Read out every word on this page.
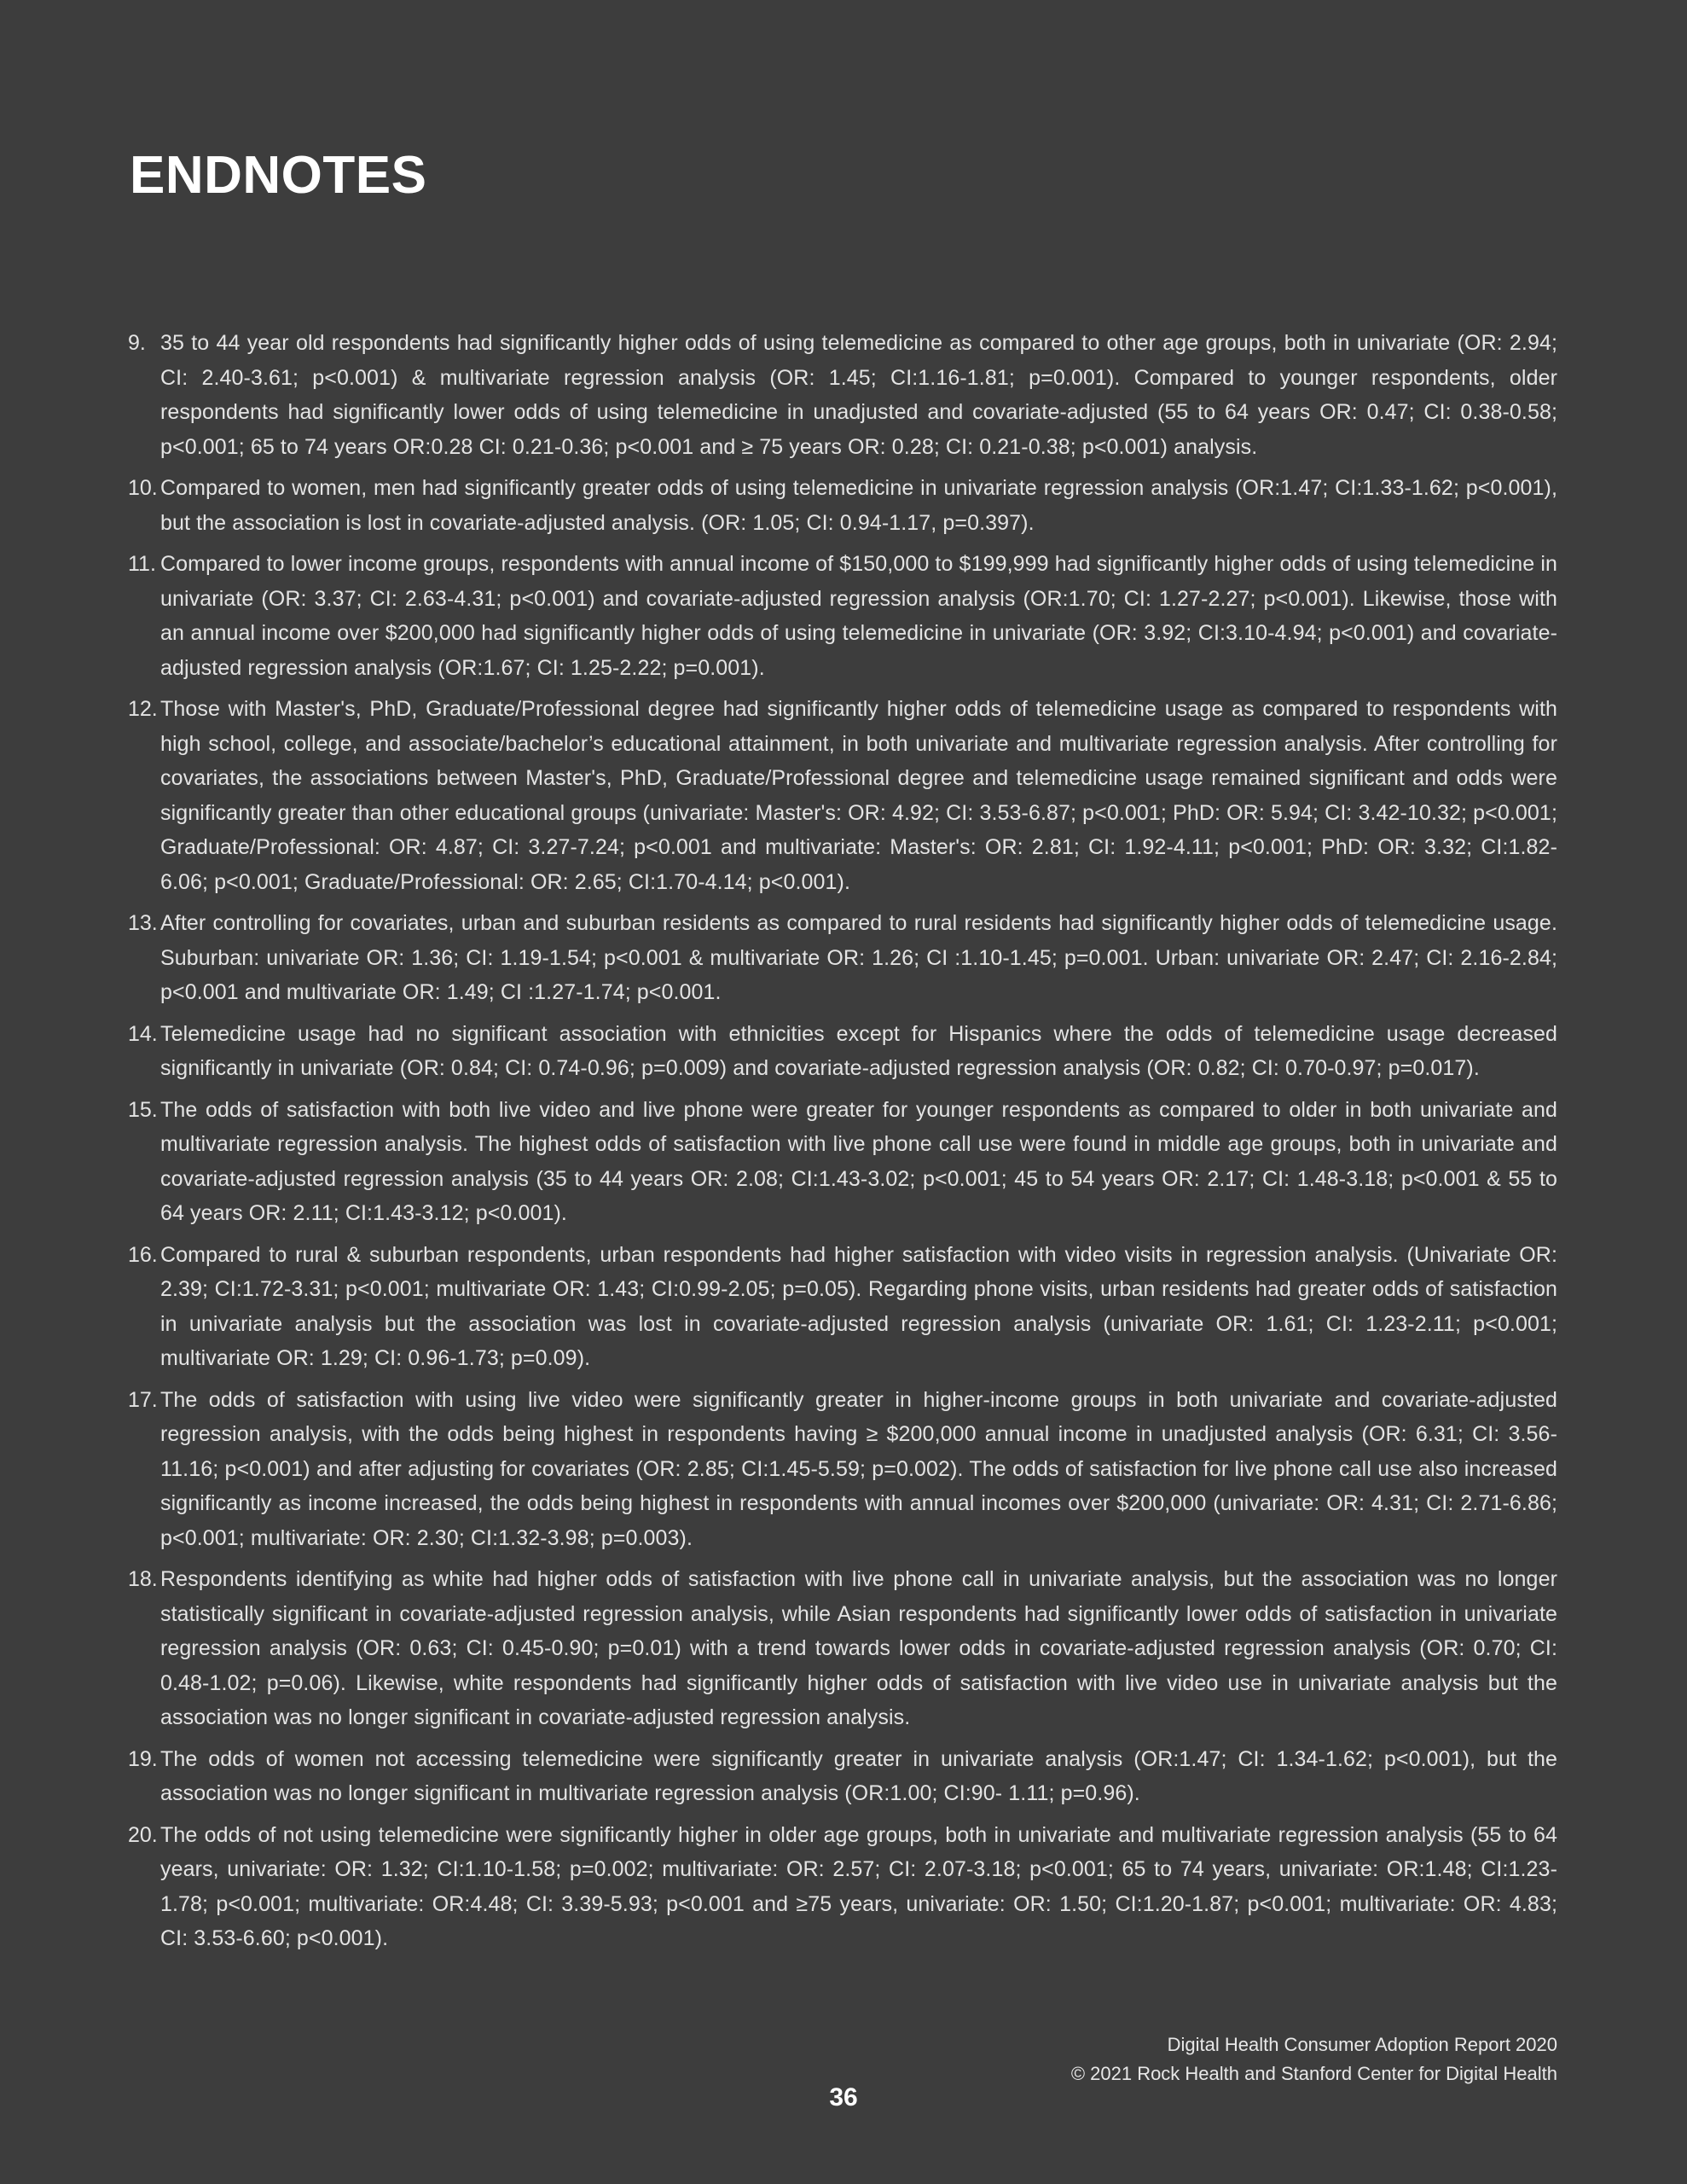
ENDNOTES
9. 35 to 44 year old respondents had significantly higher odds of using telemedicine as compared to other age groups, both in univariate (OR: 2.94; CI: 2.40-3.61; p<0.001) & multivariate regression analysis (OR: 1.45; CI:1.16-1.81; p=0.001). Compared to younger respondents, older respondents had significantly lower odds of using telemedicine in unadjusted and covariate-adjusted (55 to 64 years OR: 0.47; CI: 0.38-0.58; p<0.001; 65 to 74 years OR:0.28 CI: 0.21-0.36; p<0.001 and ≥ 75 years OR: 0.28; CI: 0.21-0.38; p<0.001) analysis.
10. Compared to women, men had significantly greater odds of using telemedicine in univariate regression analysis (OR:1.47; CI:1.33-1.62; p<0.001), but the association is lost in covariate-adjusted analysis. (OR: 1.05; CI: 0.94-1.17, p=0.397).
11. Compared to lower income groups, respondents with annual income of $150,000 to $199,999 had significantly higher odds of using telemedicine in univariate (OR: 3.37; CI: 2.63-4.31; p<0.001) and covariate-adjusted regression analysis (OR:1.70; CI: 1.27-2.27; p<0.001). Likewise, those with an annual income over $200,000 had significantly higher odds of using telemedicine in univariate (OR: 3.92; CI:3.10-4.94; p<0.001) and covariate-adjusted regression analysis (OR:1.67; CI: 1.25-2.22; p=0.001).
12. Those with Master's, PhD, Graduate/Professional degree had significantly higher odds of telemedicine usage as compared to respondents with high school, college, and associate/bachelor’s educational attainment, in both univariate and multivariate regression analysis. After controlling for covariates, the associations between Master's, PhD, Graduate/Professional degree and telemedicine usage remained significant and odds were significantly greater than other educational groups (univariate: Master's: OR: 4.92; CI: 3.53-6.87; p<0.001; PhD: OR: 5.94; CI: 3.42-10.32; p<0.001; Graduate/Professional: OR: 4.87; CI: 3.27-7.24; p<0.001 and multivariate: Master's: OR: 2.81; CI: 1.92-4.11; p<0.001; PhD: OR: 3.32; CI:1.82-6.06; p<0.001; Graduate/Professional: OR: 2.65; CI:1.70-4.14; p<0.001).
13. After controlling for covariates, urban and suburban residents as compared to rural residents had significantly higher odds of telemedicine usage. Suburban: univariate OR: 1.36; CI: 1.19-1.54; p<0.001 & multivariate OR: 1.26; CI :1.10-1.45; p=0.001. Urban: univariate OR: 2.47; CI: 2.16-2.84; p<0.001 and multivariate OR: 1.49; CI :1.27-1.74; p<0.001.
14. Telemedicine usage had no significant association with ethnicities except for Hispanics where the odds of telemedicine usage decreased significantly in univariate (OR: 0.84; CI: 0.74-0.96; p=0.009) and covariate-adjusted regression analysis (OR: 0.82; CI: 0.70-0.97; p=0.017).
15. The odds of satisfaction with both live video and live phone were greater for younger respondents as compared to older in both univariate and multivariate regression analysis. The highest odds of satisfaction with live phone call use were found in middle age groups, both in univariate and covariate-adjusted regression analysis (35 to 44 years OR: 2.08; CI:1.43-3.02; p<0.001; 45 to 54 years OR: 2.17; CI: 1.48-3.18; p<0.001 & 55 to 64 years OR: 2.11; CI:1.43-3.12; p<0.001).
16. Compared to rural & suburban respondents, urban respondents had higher satisfaction with video visits in regression analysis. (Univariate OR: 2.39; CI:1.72-3.31; p<0.001; multivariate OR: 1.43; CI:0.99-2.05; p=0.05). Regarding phone visits, urban residents had greater odds of satisfaction in univariate analysis but the association was lost in covariate-adjusted regression analysis (univariate OR: 1.61; CI: 1.23-2.11; p<0.001; multivariate OR: 1.29; CI: 0.96-1.73; p=0.09).
17. The odds of satisfaction with using live video were significantly greater in higher-income groups in both univariate and covariate-adjusted regression analysis, with the odds being highest in respondents having ≥ $200,000 annual income in unadjusted analysis (OR: 6.31; CI: 3.56-11.16; p<0.001) and after adjusting for covariates (OR: 2.85; CI:1.45-5.59; p=0.002). The odds of satisfaction for live phone call use also increased significantly as income increased, the odds being highest in respondents with annual incomes over $200,000 (univariate: OR: 4.31; CI: 2.71-6.86; p<0.001; multivariate: OR: 2.30; CI:1.32-3.98; p=0.003).
18. Respondents identifying as white had higher odds of satisfaction with live phone call in univariate analysis, but the association was no longer statistically significant in covariate-adjusted regression analysis, while Asian respondents had significantly lower odds of satisfaction in univariate regression analysis (OR: 0.63; CI: 0.45-0.90; p=0.01) with a trend towards lower odds in covariate-adjusted regression analysis (OR: 0.70; CI: 0.48-1.02; p=0.06). Likewise, white respondents had significantly higher odds of satisfaction with live video use in univariate analysis but the association was no longer significant in covariate-adjusted regression analysis.
19. The odds of women not accessing telemedicine were significantly greater in univariate analysis (OR:1.47; CI: 1.34-1.62; p<0.001), but the association was no longer significant in multivariate regression analysis (OR:1.00; CI:90- 1.11; p=0.96).
20. The odds of not using telemedicine were significantly higher in older age groups, both in univariate and multivariate regression analysis (55 to 64 years, univariate: OR: 1.32; CI:1.10-1.58; p=0.002; multivariate: OR: 2.57; CI: 2.07-3.18; p<0.001; 65 to 74 years, univariate: OR:1.48; CI:1.23-1.78; p<0.001; multivariate: OR:4.48; CI: 3.39-5.93; p<0.001 and ≥75 years, univariate: OR: 1.50; CI:1.20-1.87; p<0.001; multivariate: OR: 4.83; CI: 3.53-6.60; p<0.001).
Digital Health Consumer Adoption Report 2020
© 2021 Rock Health and Stanford Center for Digital Health
36
